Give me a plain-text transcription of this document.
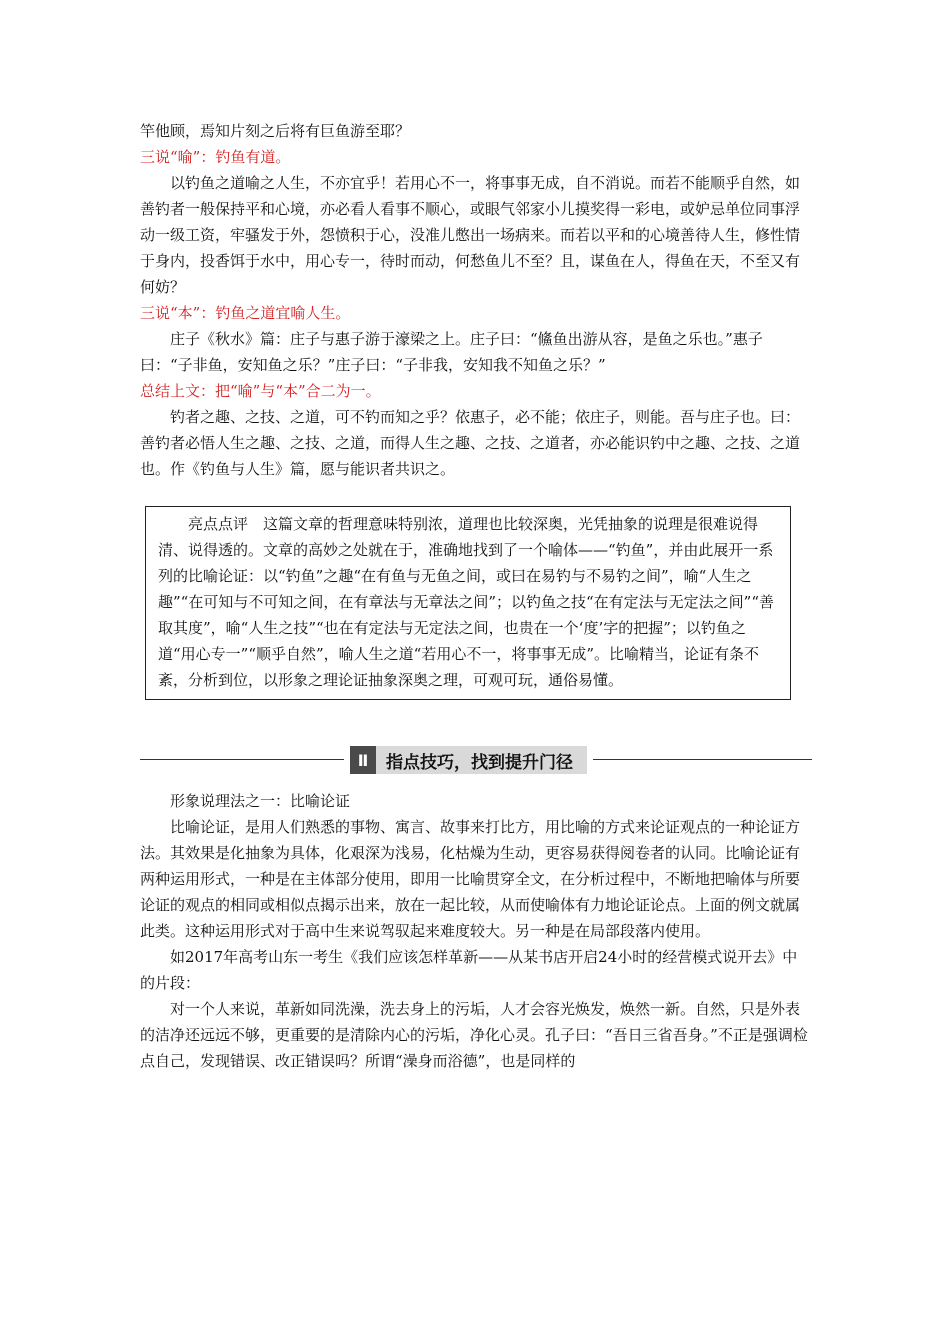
竿他顾，焉知片刻之后将有巨鱼游至耶？

三说“喻”：钓鱼有道。

以钓鱼之道喻之人生，不亦宜乎！若用心不一，将事事无成，自不消说。而若不能顺乎自然，如善钓者一般保持平和心境，亦必看人看事不顺心，或眼气邻家小儿摸奖得一彩电，或妒忌单位同事浮动一级工资，牢骚发于外，怨愤积于心，没准儿憋出一场病来。而若以平和的心境善待人生，修性情于身内，投香饵于水中，用心专一，待时而动，何愁鱼儿不至？且，谋鱼在人，得鱼在天，不至又有何妨？

三说“本”：钓鱼之道宜喻人生。

庄子《秋水》篇：庄子与惠子游于濠梁之上。庄子曰：“鯈鱼出游从容，是鱼之乐也。”惠子曰：“子非鱼，安知鱼之乐？”庄子曰：“子非我，安知我不知鱼之乐？”

总结上文：把“喻”与“本”合二为一。

钓者之趣、之技、之道，可不钓而知之乎？依惠子，必不能；依庄子，则能。吾与庄子也。曰：善钓者必悟人生之趣、之技、之道，而得人生之趣、之技、之道者，亦必能识钓中之趣、之技、之道也。作《钓鱼与人生》篇，愿与能识者共识之。

亮点点评　 这篇文章的哲理意味特别浓，道理也比较深奥，光凭抽象的说理是很难说得清、说得透的。文章的高妙之处就在于，准确地找到了一个喻体——“钓鱼”，并由此展开一系列的比喻论证：以“钓鱼”之趣“在有鱼与无鱼之间，或曰在易钓与不易钓之间”，喻“人生之趣”“在可知与不可知之间，在有章法与无章法之间”；以钓鱼之技“在有定法与无定法之间”“善取其度”，喻“人生之技”“也在有定法与无定法之间，也贵在一个‘度’字的把握”；以钓鱼之道“用心专一”“顺乎自然”，喻人生之道“若用心不一，将事事无成”。比喻精当，论证有条不紊，分析到位，以形象之理论证抽象深奥之理，可观可玩，通俗易懂。

Ⅱ	指点技巧，找到提升门径

形象说理法之一：比喻论证

比喻论证，是用人们熟悉的事物、寓言、故事来打比方，用比喻的方式来论证观点的一种论证方法。其效果是化抽象为具体，化艰深为浅易，化枯燥为生动，更容易获得阅卷者的认同。比喻论证有两种运用形式，一种是在主体部分使用，即用一比喻贯穿全文，在分析过程中，不断地把喻体与所要论证的观点的相同或相似点揭示出来，放在一起比较，从而使喻体有力地论证论点。上面的例文就属此类。这种运用形式对于高中生来说驾驭起来难度较大。另一种是在局部段落内使用。

如2017年高考山东一考生《我们应该怎样革新——从某书店开启24小时的经营模式说开去》中的片段：

对一个人来说，革新如同洗澡，洗去身上的污垢，人才会容光焕发，焕然一新。自然，只是外表的洁净还远远不够，更重要的是清除内心的污垢，净化心灵。孔子曰：“吾日三省吾身。”不正是强调检点自己，发现错误、改正错误吗？所谓“澡身而浴德”，也是同样的
